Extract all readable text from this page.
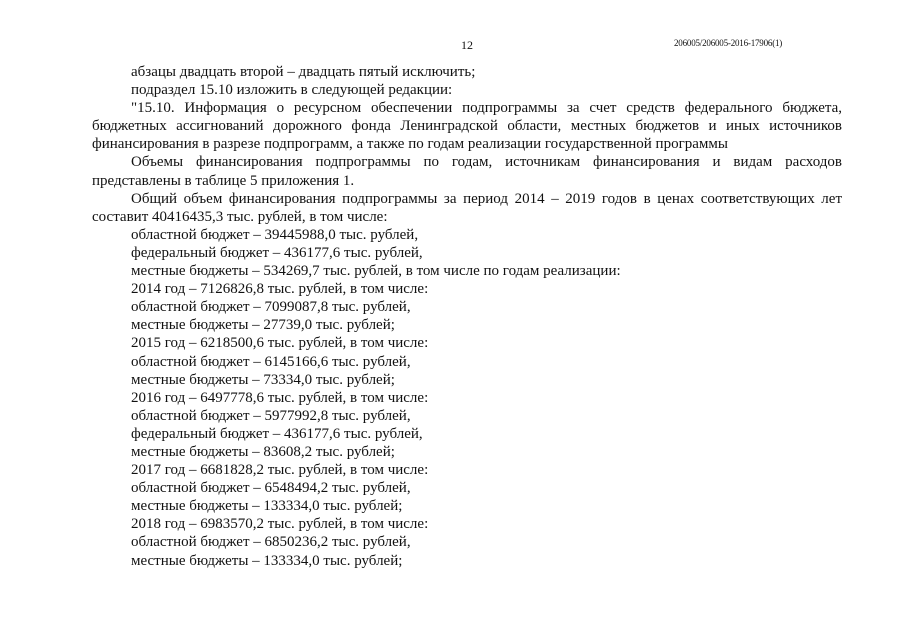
12	206005/206005-2016-17906(1)

абзацы двадцать второй – двадцать пятый исключить;

подраздел 15.10 изложить в следующей редакции:

"15.10. Информация о ресурсном обеспечении подпрограммы за счет средств федерального бюджета,
бюджетных ассигнований дорожного фонда Ленинградской области, местных бюджетов и иных источников
финансирования в разрезе подпрограмм, а также по годам реализации государственной программы

Объемы финансирования подпрограммы по годам, источникам финансирования и видам расходов
представлены в таблице 5 приложения 1.

Общий объем финансирования подпрограммы за период 2014 – 2019 годов в ценах соответствующих лет
составит 40416435,3 тыс. рублей, в том числе:

областной бюджет – 39445988,0 тыс. рублей,

федеральный бюджет – 436177,6 тыс. рублей,

местные бюджеты – 534269,7 тыс. рублей, в том числе по годам реализации:

2014 год – 7126826,8 тыс. рублей, в том числе:

областной бюджет – 7099087,8 тыс. рублей,

местные бюджеты – 27739,0 тыс. рублей;

2015 год – 6218500,6 тыс. рублей, в том числе:

областной бюджет – 6145166,6 тыс. рублей,

местные бюджеты – 73334,0 тыс. рублей;

2016 год – 6497778,6 тыс. рублей, в том числе:

областной бюджет – 5977992,8 тыс. рублей,

федеральный бюджет – 436177,6 тыс. рублей,

местные бюджеты – 83608,2 тыс. рублей;

2017 год – 6681828,2 тыс. рублей, в том числе:

областной бюджет – 6548494,2 тыс. рублей,

местные бюджеты – 133334,0 тыс. рублей;

2018 год – 6983570,2 тыс. рублей, в том числе:

областной бюджет – 6850236,2 тыс. рублей,

местные бюджеты – 133334,0 тыс. рублей;
